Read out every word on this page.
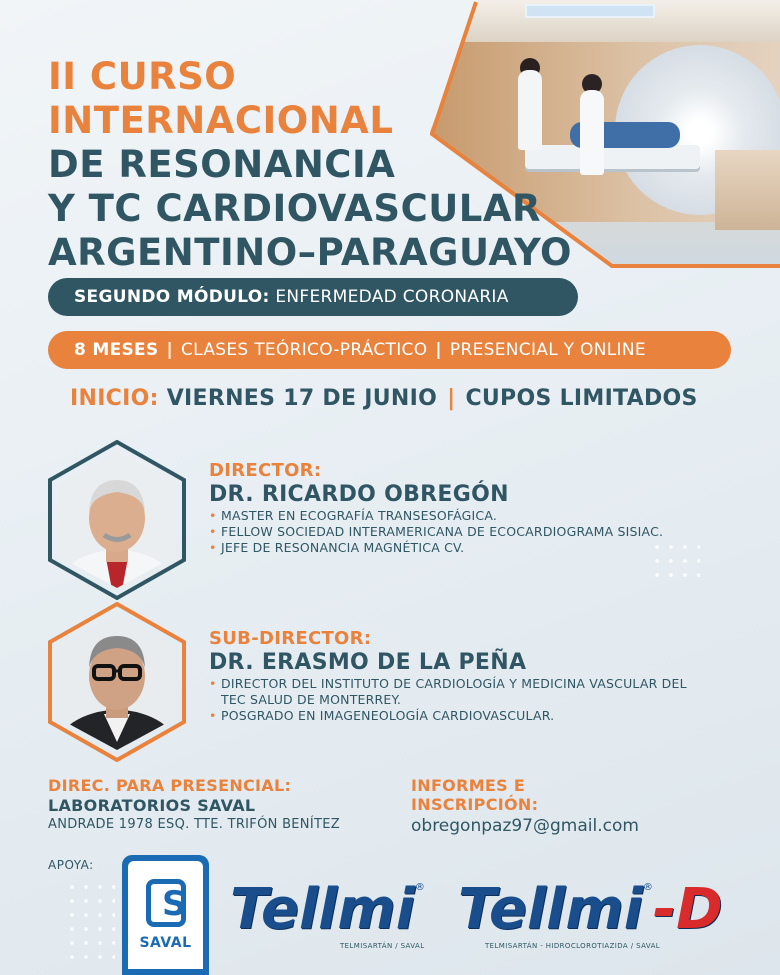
II CURSO
INTERNACIONAL
DE RESONANCIA
Y TC CARDIOVASCULAR
ARGENTINO–PARAGUAYO
SEGUNDO MÓDULO: ENFERMEDAD CORONARIA
8 MESES | CLASES TEÓRICO-PRÁCTICO | PRESENCIAL Y ONLINE
INICIO: VIERNES 17 DE JUNIO | CUPOS LIMITADOS
DIRECTOR:
DR. RICARDO OBREGÓN
• MASTER EN ECOGRAFÍA TRANSESOFÁGICA.
• FELLOW SOCIEDAD INTERAMERICANA DE ECOCARDIOGRAMA SISIAC.
• JEFE DE RESONANCIA MAGNÉTICA CV.
SUB-DIRECTOR:
DR. ERASMO DE LA PEÑA
• DIRECTOR DEL INSTITUTO DE CARDIOLOGÍA Y MEDICINA VASCULAR DEL TEC SALUD DE MONTERREY.
• POSGRADO EN IMAGENEOLOGÍA CARDIOVASCULAR.
DIREC. PARA PRESENCIAL:
LABORATORIOS SAVAL
ANDRADE 1978 ESQ. TTE. TRIFÓN BENÍTEZ
INFORMES E INSCRIPCIÓN:
obregonpaz97@gmail.com
APOYA:
S
SAVAL
Tellmi®
TELMISARTÁN / SAVAL
Tellmi®-D
TELMISARTÁN - HIDROCLOROTIAZIDA / SAVAL
